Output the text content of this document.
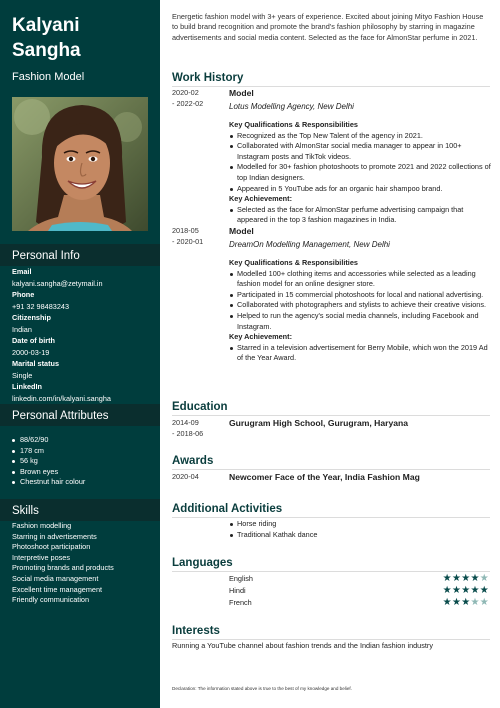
Kalyani
Sangha
Fashion Model
Personal Info
Email
kalyani.sangha@zetymail.in
Phone
+91 32 98483243
Citizenship
Indian
Date of birth
2000-03-19
Marital status
Single
LinkedIn
linkedin.com/in/kalyani.sangha
Personal Attributes
88/62/90
178 cm
56 kg
Brown eyes
Chestnut hair colour
Skills
Fashion modelling
Starring in advertisements
Photoshoot participation
Interpretive poses
Promoting brands and products
Social media management
Excellent time management
Friendly communication
Energetic fashion model with 3+ years of experience. Excited about joining Mityo Fashion House to build brand recognition and promote the brand's fashion philosophy by starring in magazine advertisements and social media content. Selected as the face for AlmonStar perfume in 2021.
Work History
2020-02
- 2022-02
Model
Lotus Modelling Agency, New Delhi
Key Qualifications & Responsibilities
Recognized as the Top New Talent of the agency in 2021.
Collaborated with AlmonStar social media manager to appear in 100+ Instagram posts and TikTok videos.
Modelled for 30+ fashion photoshoots to promote 2021 and 2022 collections of top Indian designers.
Appeared in 5 YouTube ads for an organic hair shampoo brand.
Key Achievement:
Selected as the face for AlmonStar perfume advertising campaign that appeared in the top 3 fashion magazines in India.
2018-05
- 2020-01
Model
DreamOn Modelling Management, New Delhi
Key Qualifications & Responsibilities
Modelled 100+ clothing items and accessories while selected as a leading fashion model for an online designer store.
Participated in 15 commercial photoshoots for local and national advertising.
Collaborated with photographers and stylists to achieve their creative visions.
Helped to run the agency's social media channels, including Facebook and Instagram.
Key Achievement:
Starred in a television advertisement for Berry Mobile, which won the 2019 Ad of the Year Award.
Education
2014-09
- 2018-06
Gurugram High School, Gurugram, Haryana
Awards
2020-04	Newcomer Face of the Year, India Fashion Mag
Additional Activities
Horse riding
Traditional Kathak dance
Languages
English	★★★★★
Hindi	★★★★★
French	★★★★★
Interests
Running a YouTube channel about fashion trends and the Indian fashion industry
Declaration: The information stated above is true to the best of my knowledge and belief.
